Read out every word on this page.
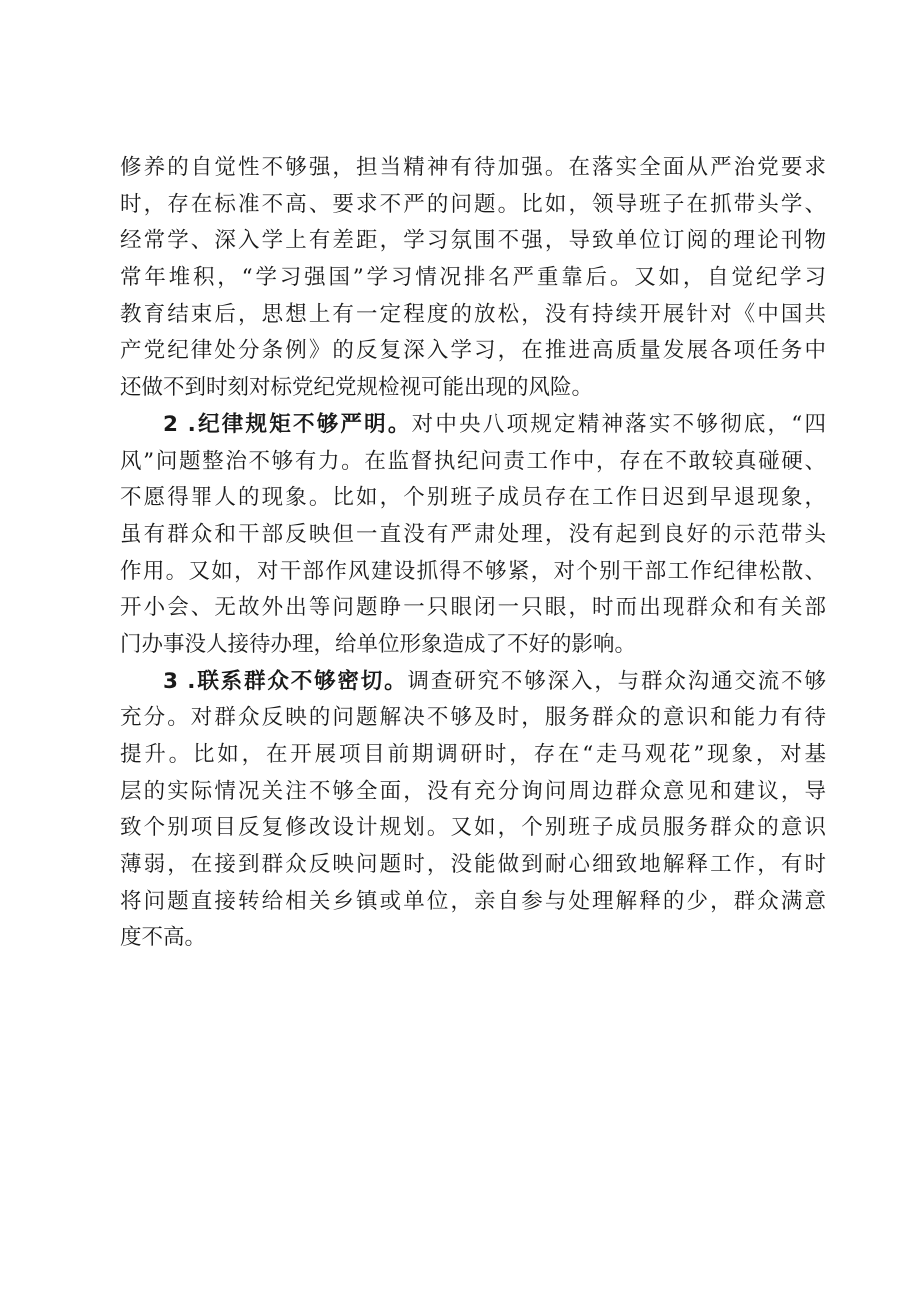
修养的自觉性不够强，担当精神有待加强。在落实全面从严治党要求
时，存在标准不高、要求不严的问题。比如，领导班子在抓带头学、
经常学、深入学上有差距，学习氛围不强，导致单位订阅的理论刊物
常年堆积，“学习强国”学习情况排名严重靠后。又如，自觉纪学习
教育结束后，思想上有一定程度的放松，没有持续开展针对《中国共
产党纪律处分条例》的反复深入学习，在推进高质量发展各项任务中
还做不到时刻对标党纪党规检视可能出现的风险。
2 .纪律规矩不够严明。对中央八项规定精神落实不够彻底，“四
风”问题整治不够有力。在监督执纪问责工作中，存在不敢较真碰硬、
不愿得罪人的现象。比如，个别班子成员存在工作日迟到早退现象，
虽有群众和干部反映但一直没有严肃处理，没有起到良好的示范带头
作用。又如，对干部作风建设抓得不够紧，对个别干部工作纪律松散、
开小会、无故外出等问题睁一只眼闭一只眼，时而出现群众和有关部
门办事没人接待办理，给单位形象造成了不好的影响。
3 .联系群众不够密切。调查研究不够深入，与群众沟通交流不够
充分。对群众反映的问题解决不够及时，服务群众的意识和能力有待
提升。比如，在开展项目前期调研时，存在“走马观花”现象，对基
层的实际情况关注不够全面，没有充分询问周边群众意见和建议，导
致个别项目反复修改设计规划。又如，个别班子成员服务群众的意识
薄弱，在接到群众反映问题时，没能做到耐心细致地解释工作，有时
将问题直接转给相关乡镇或单位，亲自参与处理解释的少，群众满意
度不高。
